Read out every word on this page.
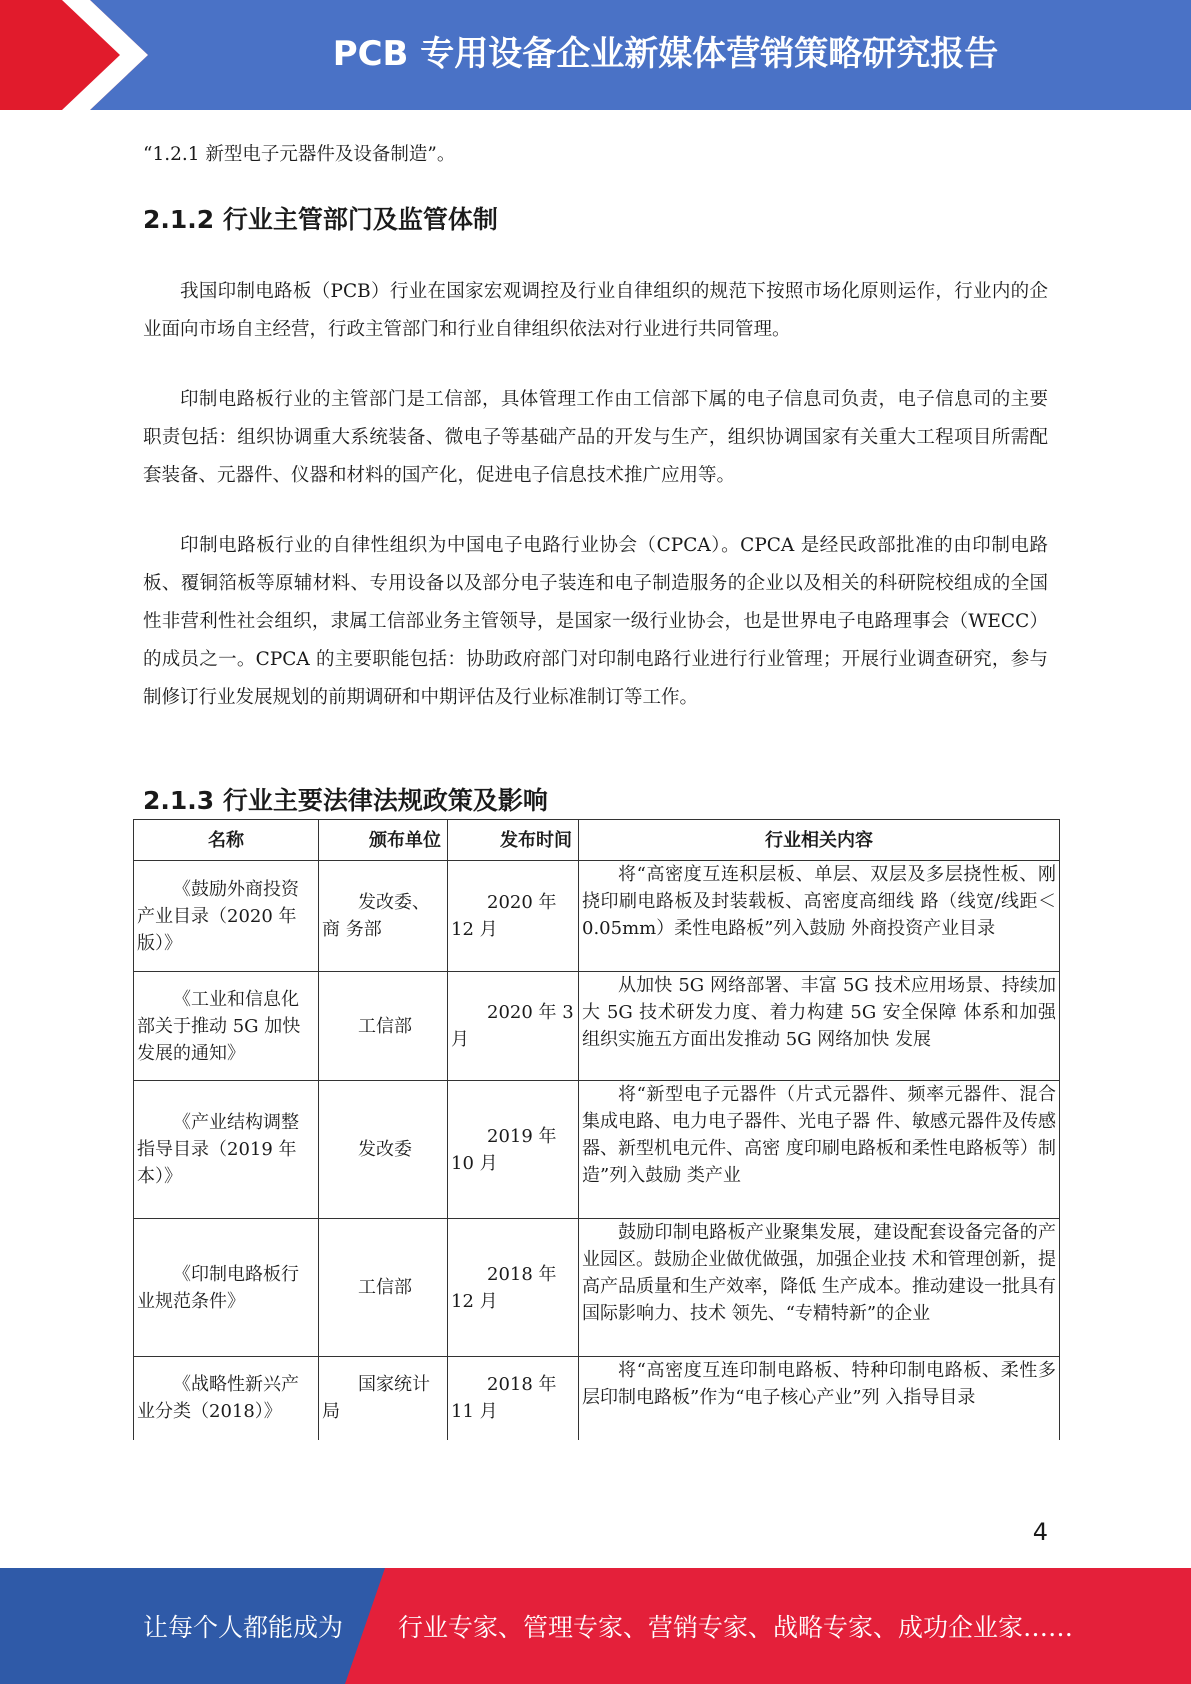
PCB 专用设备企业新媒体营销策略研究报告

“1.2.1 新型电子元器件及设备制造”。

2.1.2 行业主管部门及监管体制

我国印制电路板（PCB）行业在国家宏观调控及行业自律组织的规范下按照市场化原则运作，行业内的企业面向市场自主经营，行政主管部门和行业自律组织依法对行业进行共同管理。

印制电路板行业的主管部门是工信部，具体管理工作由工信部下属的电子信息司负责，电子信息司的主要职责包括：组织协调重大系统装备、微电子等基础产品的开发与生产，组织协调国家有关重大工程项目所需配套装备、元器件、仪器和材料的国产化，促进电子信息技术推广应用等。

印制电路板行业的自律性组织为中国电子电路行业协会（CPCA）。CPCA 是经民政部批准的由印制电路板、覆铜箔板等原辅材料、专用设备以及部分电子装连和电子制造服务的企业以及相关的科研院校组成的全国性非营利性社会组织，隶属工信部业务主管领导，是国家一级行业协会，也是世界电子电路理事会（WECC）的成员之一。CPCA 的主要职能包括：协助政府部门对印制电路行业进行行业管理；开展行业调查研究，参与制修订行业发展规划的前期调研和中期评估及行业标准制订等工作。

2.1.3 行业主要法律法规政策及影响
名称	颁布单位	发布时间	行业相关内容
《鼓励外商投资产业目录（2020 年版）》	发改委、商 务部	2020 年 12 月	将“高密度互连积层板、单层、双层及多层挠性板、刚挠印刷电路板及封装载板、高密度高细线 路（线宽/线距＜0.05mm）柔性电路板”列入鼓励 外商投资产业目录
《工业和信息化部关于推动 5G 加快发展的通知》	工信部	2020 年 3 月	从加快 5G 网络部署、丰富 5G 技术应用场景、持续加大 5G 技术研发力度、着力构建 5G 安全保障 体系和加强组织实施五方面出发推动 5G 网络加快 发展
《产业结构调整指导目录（2019 年本）》	发改委	2019 年 10 月	将“新型电子元器件（片式元器件、频率元器件、混合集成电路、电力电子器件、光电子器 件、敏感元器件及传感器、新型机电元件、高密 度印刷电路板和柔性电路板等）制造”列入鼓励 类产业
《印制电路板行业规范条件》	工信部	2018 年 12 月	鼓励印制电路板产业聚集发展，建设配套设备完备的产业园区。鼓励企业做优做强，加强企业技 术和管理创新，提高产品质量和生产效率，降低 生产成本。推动建设一批具有国际影响力、技术 领先、“专精特新”的企业
《战略性新兴产业分类（2018）》	国家统计局	2018 年 11 月	将“高密度互连印制电路板、特种印制电路板、柔性多层印制电路板”作为“电子核心产业”列 入指导目录
4
让每个人都能成为 行业专家、管理专家、营销专家、战略专家、成功企业家……
